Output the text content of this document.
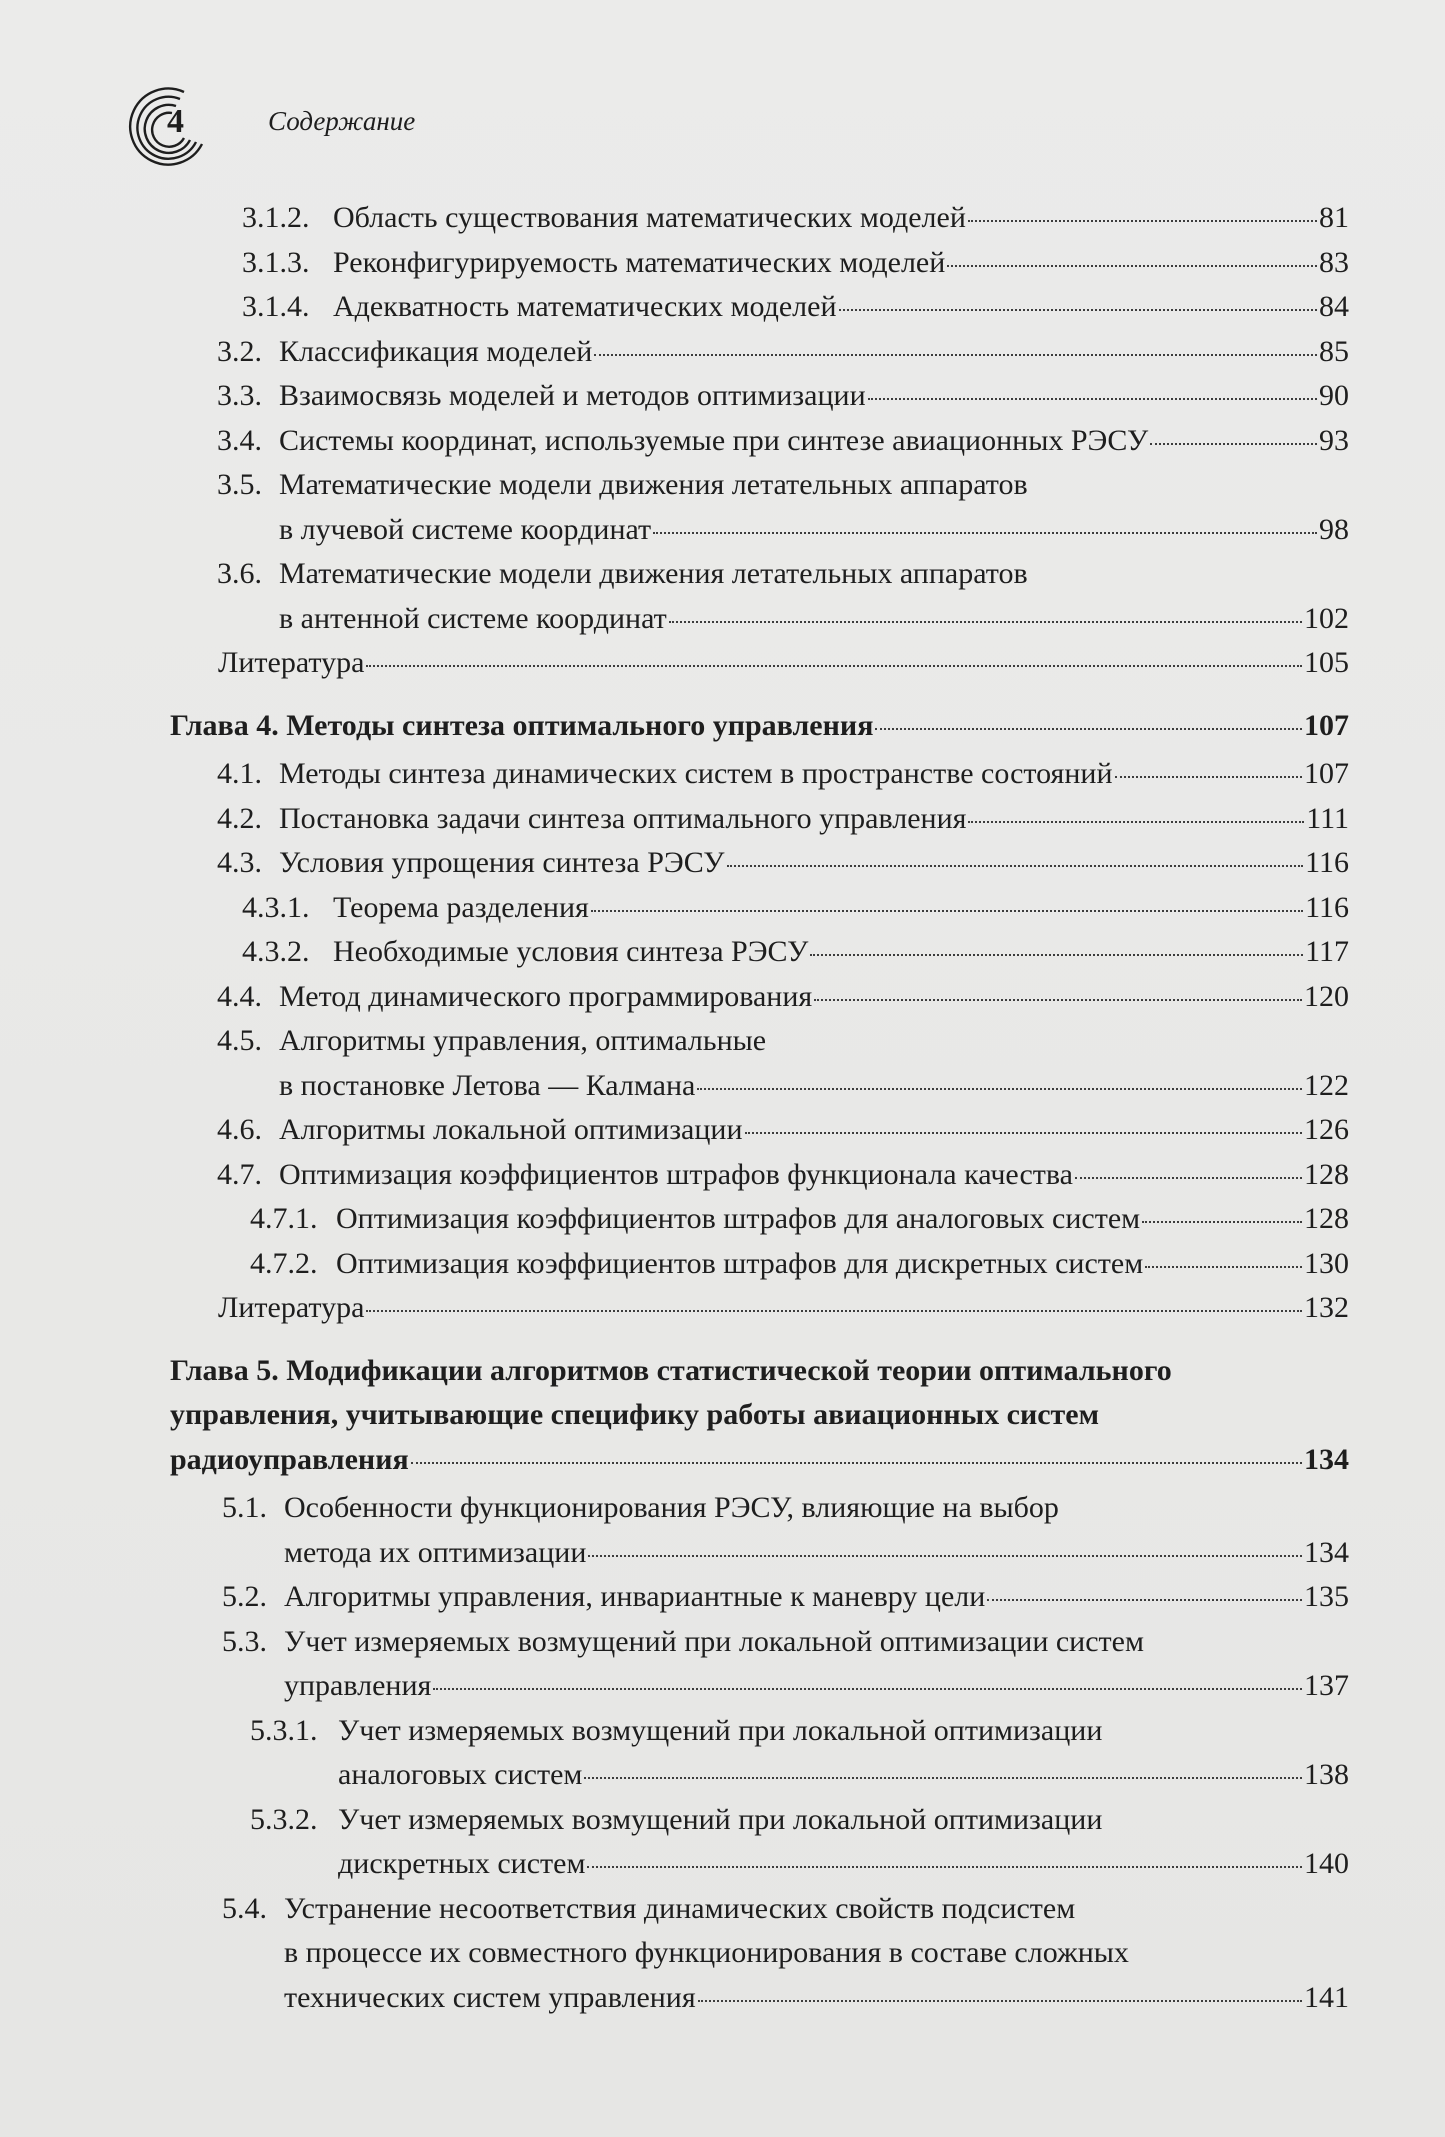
4	Содержание
3.1.2. Область существования математических моделей	81
3.1.3. Реконфигурируемость математических моделей	83
3.1.4. Адекватность математических моделей	84
3.2. Классификация моделей	85
3.3. Взаимосвязь моделей и методов оптимизации	90
3.4. Системы координат, используемые при синтезе авиационных РЭСУ	93
3.5. Математические модели движения летательных аппаратов
в лучевой системе координат	98
3.6. Математические модели движения летательных аппаратов
в антенной системе координат	102
Литература	105
Глава 4. Методы синтеза оптимального управления	107
4.1. Методы синтеза динамических систем в пространстве состояний	107
4.2. Постановка задачи синтеза оптимального управления	111
4.3. Условия упрощения синтеза РЭСУ	116
4.3.1. Теорема разделения	116
4.3.2. Необходимые условия синтеза РЭСУ	117
4.4. Метод динамического программирования	120
4.5. Алгоритмы управления, оптимальные
в постановке Летова — Калмана	122
4.6. Алгоритмы локальной оптимизации	126
4.7. Оптимизация коэффициентов штрафов функционала качества	128
4.7.1. Оптимизация коэффициентов штрафов для аналоговых систем	128
4.7.2. Оптимизация коэффициентов штрафов для дискретных систем	130
Литература	132
Глава 5. Модификации алгоритмов статистической теории оптимального
управления, учитывающие специфику работы авиационных систем
радиоуправления	134
5.1. Особенности функционирования РЭСУ, влияющие на выбор
метода их оптимизации	134
5.2. Алгоритмы управления, инвариантные к маневру цели	135
5.3. Учет измеряемых возмущений при локальной оптимизации систем
управления	137
5.3.1. Учет измеряемых возмущений при локальной оптимизации
аналоговых систем	138
5.3.2. Учет измеряемых возмущений при локальной оптимизации
дискретных систем	140
5.4. Устранение несоответствия динамических свойств подсистем
в процессе их совместного функционирования в составе сложных
технических систем управления	141
